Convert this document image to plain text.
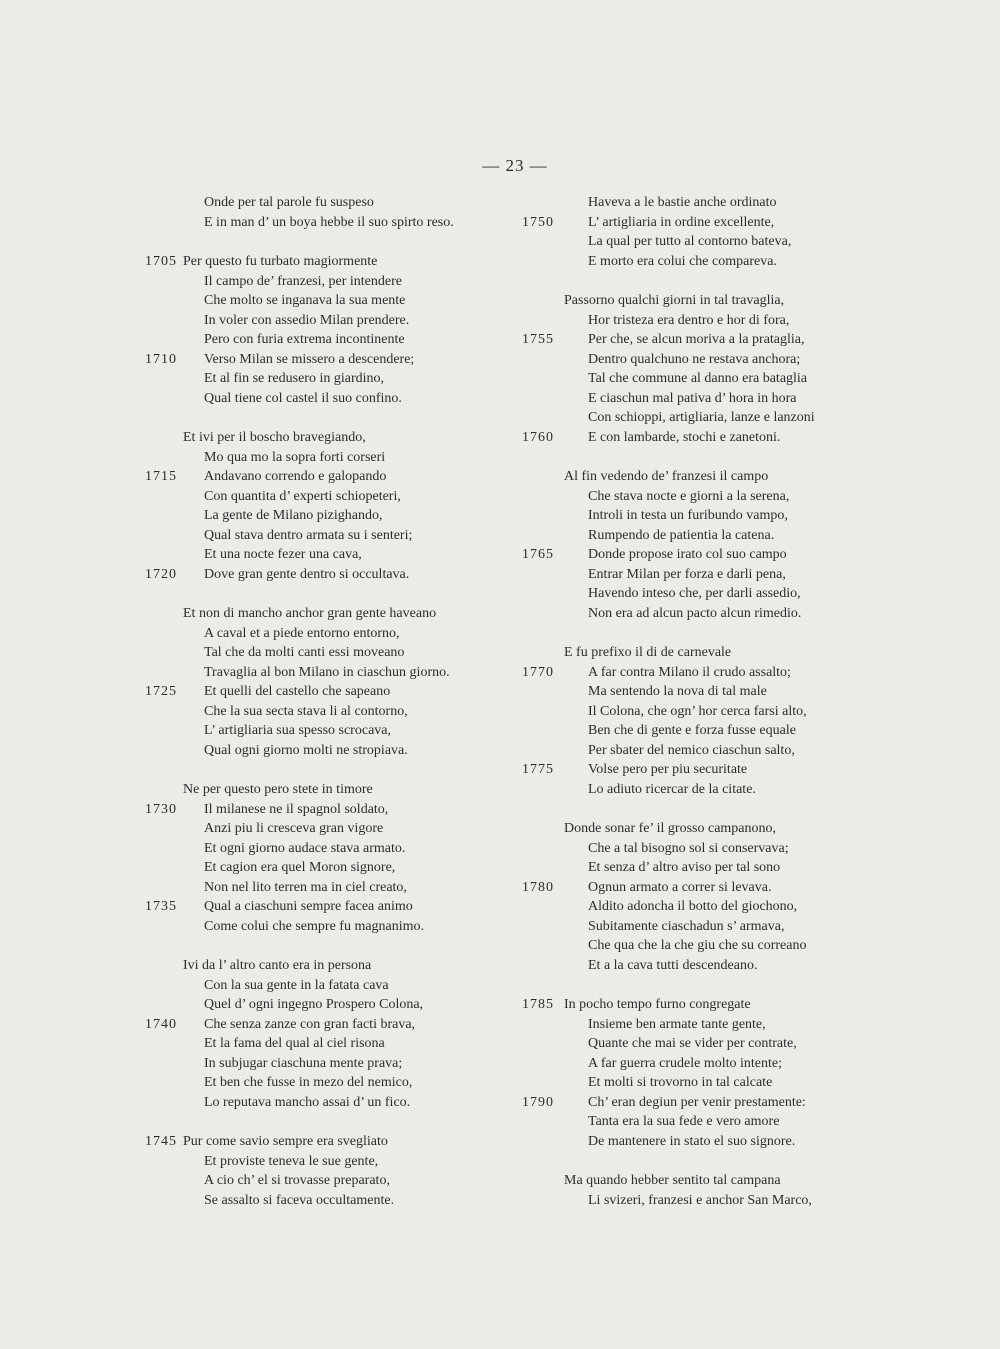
— 23 —
Onde per tal parole fu suspeso
E in man d’ un boya hebbe il suo spirto reso.
1705 Per questo fu turbato magiormente
Il campo de’ franzesi, per intendere
Che molto se inganava la sua mente
In voler con assedio Milan prendere.
Pero con furia extrema incontinente
1710 Verso Milan se missero a descendere;
Et al fin se redusero in giardino,
Qual tiene col castel il suo confino.
Et ivi per il boscho bravegiando,
Mo qua mo la sopra forti corseri
1715 Andavano correndo e galopando
Con quantita d’ experti schiopeteri,
La gente de Milano pizighando,
Qual stava dentro armata su i senteri;
Et una nocte fezer una cava,
1720 Dove gran gente dentro si occultava.
Et non di mancho anchor gran gente haveano
A caval et a piede entorno entorno,
Tal che da molti canti essi moveano
Travaglia al bon Milano in ciaschun giorno.
1725 Et quelli del castello che sapeano
Che la sua secta stava li al contorno,
L’ artigliaria sua spesso scrocava,
Qual ogni giorno molti ne stropiava.
Ne per questo pero stete in timore
1730 Il milanese ne il spagnol soldato,
Anzi piu li cresceva gran vigore
Et ogni giorno audace stava armato.
Et cagion era quel Moron signore,
Non nel lito terren ma in ciel creato,
1735 Qual a ciaschuni sempre facea animo
Come colui che sempre fu magnanimo.
Ivi da l’ altro canto era in persona
Con la sua gente in la fatata cava
Quel d’ ogni ingegno Prospero Colona,
1740 Che senza zanze con gran facti brava,
Et la fama del qual al ciel risona
In subjugar ciaschuna mente prava;
Et ben che fusse in mezo del nemico,
Lo reputava mancho assai d’ un fico.
1745 Pur come savio sempre era svegliato
Et proviste teneva le sue gente,
A cio ch’ el si trovasse preparato,
Se assalto si faceva occultamente.
Haveva a le bastie anche ordinato
1750 L’ artigliaria in ordine excellente,
La qual per tutto al contorno bateva,
E morto era colui che compareva.
Passorno qualchi giorni in tal travaglia,
Hor tristeza era dentro e hor di fora,
1755 Per che, se alcun moriva a la prataglia,
Dentro qualchuno ne restava anchora;
Tal che commune al danno era bataglia
E ciaschun mal pativa d’ hora in hora
Con schioppi, artigliaria, lanze e lanzoni
1760 E con lambarde, stochi e zanetoni.
Al fin vedendo de’ franzesi il campo
Che stava nocte e giorni a la serena,
Introli in testa un furibundo vampo,
Rumpendo de patientia la catena.
1765 Donde propose irato col suo campo
Entrar Milan per forza e darli pena,
Havendo inteso che, per darli assedio,
Non era ad alcun pacto alcun rimedio.
E fu prefixo il di de carnevale
1770 A far contra Milano il crudo assalto;
Ma sentendo la nova di tal male
Il Colona, che ogn’ hor cerca farsi alto,
Ben che di gente e forza fusse equale
Per sbater del nemico ciaschun salto,
1775 Volse pero per piu securitate
Lo adiuto ricercar de la citate.
Donde sonar fe’ il grosso campanono,
Che a tal bisogno sol si conservava;
Et senza d’ altro aviso per tal sono
1780 Ognun armato a correr si levava.
Aldito adoncha il botto del giochono,
Subitamente ciaschadun s’ armava,
Che qua che la che giu che su correano
Et a la cava tutti descendeano.
1785 In pocho tempo furno congregate
Insieme ben armate tante gente,
Quante che mai se vider per contrate,
A far guerra crudele molto intente;
Et molti si trovorno in tal calcate
1790 Ch’ eran degiun per venir prestamente:
Tanta era la sua fede e vero amore
De mantenere in stato el suo signore.
Ma quando hebber sentito tal campana
Li svizeri, franzesi e anchor San Marco,
